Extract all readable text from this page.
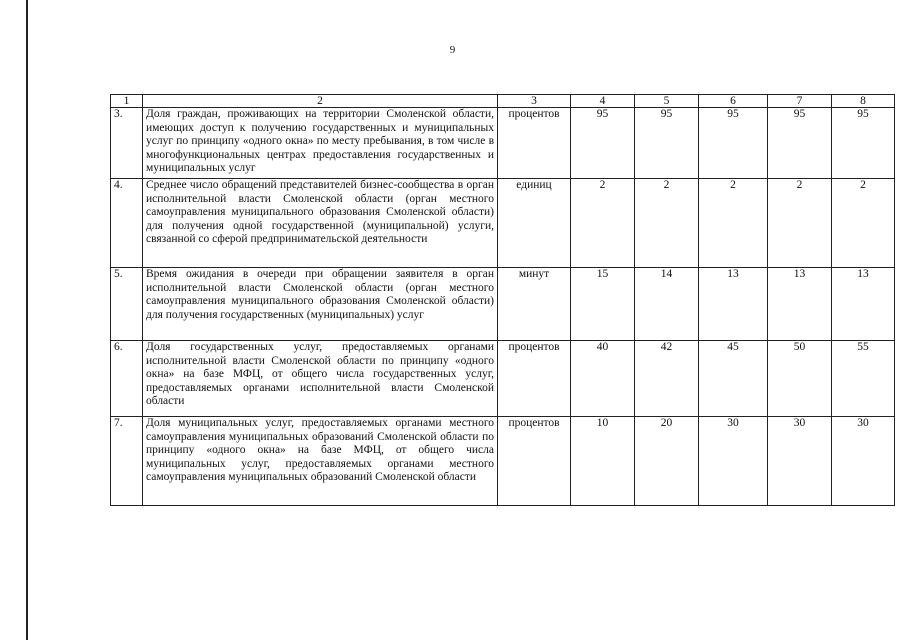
9
1	2	3	4	5	6	7	8
3.	Доля граждан, проживающих на территории Смоленской области, имеющих доступ к получению государственных и муниципальных услуг по принципу «одного окна» по месту пребывания, в том числе в многофункциональных центрах предоставления государственных и муниципальных услуг	процентов	95	95	95	95	95
4.	Среднее число обращений представителей бизнес-сообщества в орган исполнительной власти Смоленской области (орган местного самоуправления муниципального образования Смоленской области) для получения одной государственной (муниципальной) услуги, связанной со сферой предпринимательской деятельности	единиц	2	2	2	2	2
5.	Время ожидания в очереди при обращении заявителя в орган исполнительной власти Смоленской области (орган местного самоуправления муниципального образования Смоленской области) для получения государственных (муниципальных) услуг	минут	15	14	13	13	13
6.	Доля государственных услуг, предоставляемых органами исполнительной власти Смоленской области по принципу «одного окна» на базе МФЦ, от общего числа государственных услуг, предоставляемых органами исполнительной власти Смоленской области	процентов	40	42	45	50	55
7.	Доля муниципальных услуг, предоставляемых органами местного самоуправления муниципальных образований Смоленской области по принципу «одного окна» на базе МФЦ, от общего числа муниципальных услуг, предоставляемых органами местного самоуправления муниципальных образований Смоленской области	процентов	10	20	30	30	30
